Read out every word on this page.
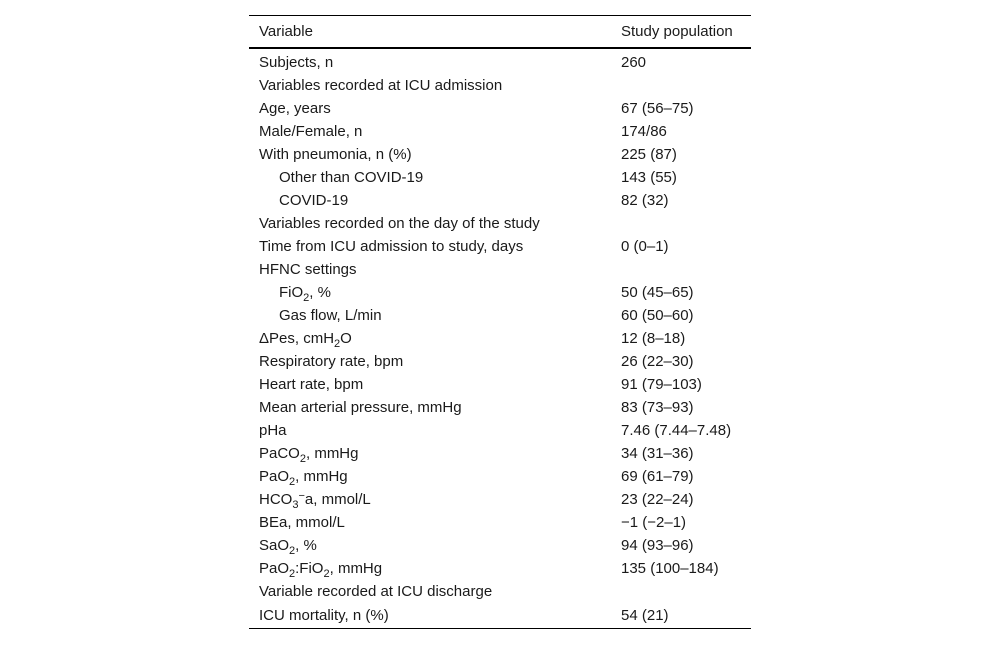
Variable	Study population
Subjects, n	260
Variables recorded at ICU admission	
Age, years	67 (56–75)
Male/Female, n	174/86
With pneumonia, n (%)	225 (87)
Other than COVID-19	143 (55)
COVID-19	82 (32)
Variables recorded on the day of the study	
Time from ICU admission to study, days	0 (0–1)
HFNC settings	
FiO$_2$, %	50 (45–65)
Gas flow, L/min	60 (50–60)
ΔPes, cmH$_2$O	12 (8–18)
Respiratory rate, bpm	26 (22–30)
Heart rate, bpm	91 (79–103)
Mean arterial pressure, mmHg	83 (73–93)
pHa	7.46 (7.44–7.48)
PaCO$_2$, mmHg	34 (31–36)
PaO$_2$, mmHg	69 (61–79)
$HCO_3^-a$, mmol/L	23 (22–24)
BEa, mmol/L	−1 (−2–1)
SaO$_2$, %	94 (93–96)
PaO$_2$:FiO$_2$, mmHg	135 (100–184)
Variable recorded at ICU discharge	
ICU mortality, n (%)	54 (21)
